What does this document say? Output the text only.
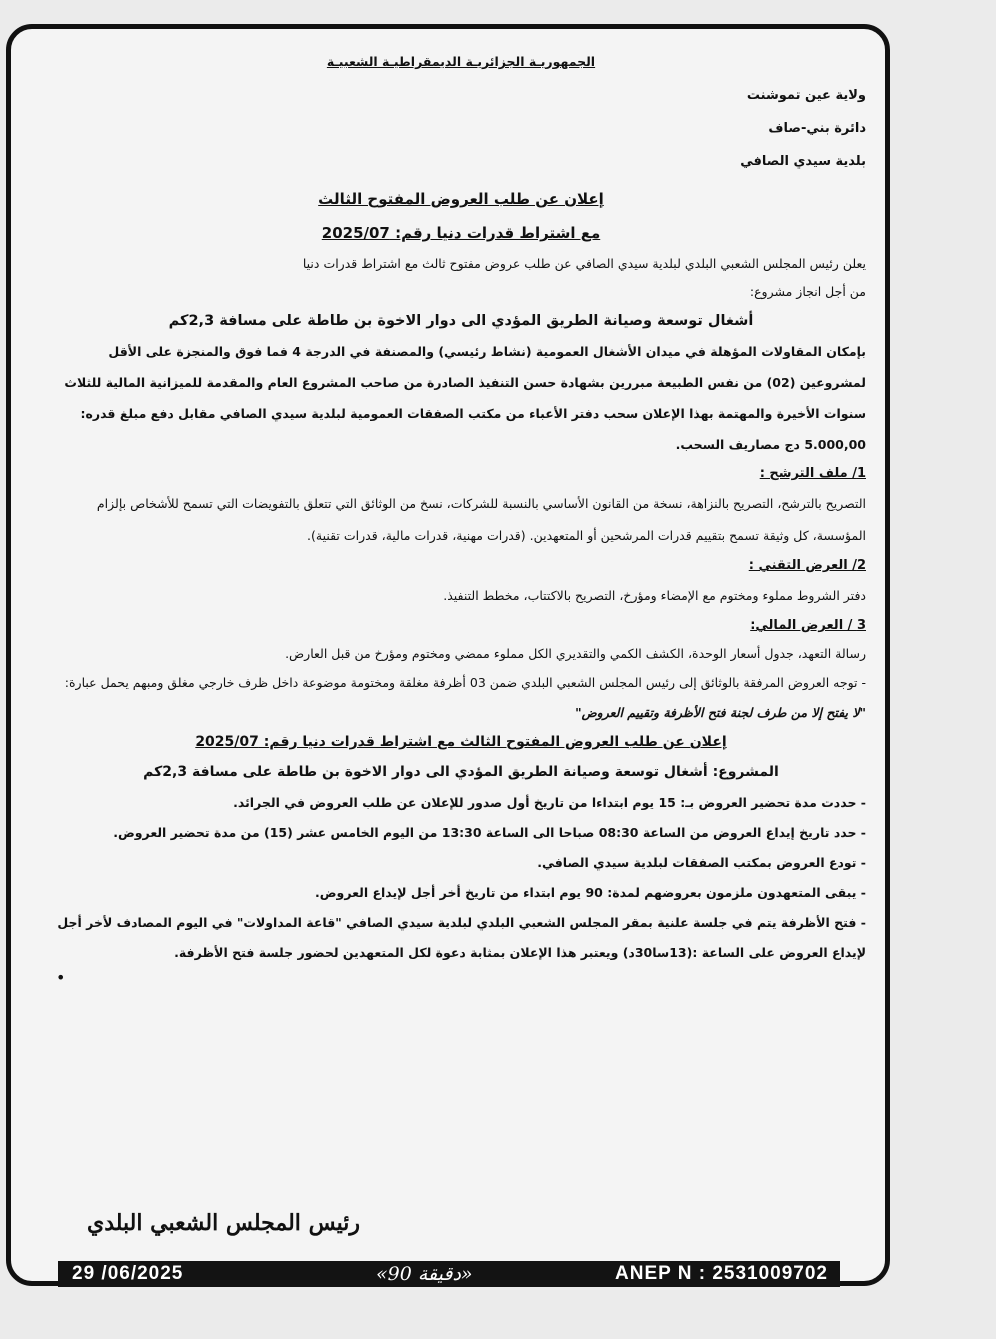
الجمهوريـة الجزائريـة الديمقراطيـة الشعبيـة
ولاية عين تموشنت
دائرة بني-صاف
بلدية سيدي الصافي
إعلان عن طلب العروض المفتوح الثالث
مع اشتراط قدرات دنيا رقم: 2025/07
يعلن رئيس المجلس الشعبي البلدي لبلدية سيدي الصافي عن طلب عروض مفتوح ثالث مع اشتراط قدرات دنيا
من أجل انجاز مشروع:
أشغال توسعة وصيانة الطريق المؤدي الى دوار الاخوة بن طاطة على مسافة 2,3كم
بإمكان المقاولات المؤهلة في ميدان الأشغال العمومية (نشاط رئيسي) والمصنفة في الدرجة 4 فما فوق والمنجزة على الأقل لمشروعين (02) من نفس الطبيعة مبررين بشهادة حسن التنفيذ الصادرة من صاحب المشروع العام والمقدمة للميزانية المالية للثلاث سنوات الأخيرة والمهتمة بهذا الإعلان سحب دفتر الأعباء من مكتب الصفقات العمومية لبلدية سيدي الصافي مقابل دفع مبلغ قدره: 5.000,00 دج مصاريف السحب.
1/ ملف الترشح :
التصريح بالترشح، التصريح بالنزاهة، نسخة من القانون الأساسي بالنسبة للشركات، نسخ من الوثائق التي تتعلق بالتفويضات التي تسمح للأشخاص بإلزام المؤسسة، كل وثيقة تسمح بتقييم قدرات المرشحين أو المتعهدين. (قدرات مهنية، قدرات مالية، قدرات تقنية).
2/ العرض التقني :
دفتر الشروط مملوء ومختوم مع الإمضاء ومؤرخ، التصريح بالاكتتاب، مخطط التنفيذ.
3 / العرض المالي:
رسالة التعهد، جدول أسعار الوحدة، الكشف الكمي والتقديري الكل مملوء ممضي ومختوم ومؤرخ من قبل العارض.
- توجه العروض المرفقة بالوثائق إلى رئيس المجلس الشعبي البلدي ضمن 03 أظرفة مغلقة ومختومة موضوعة داخل ظرف خارجي مغلق ومبهم يحمل عبارة: "لا يفتح إلا من طرف لجنة فتح الأظرفة وتقييم العروض"
إعلان عن طلب العروض المفتوح الثالث مع اشتراط قدرات دنيا رقم: 2025/07
المشروع: أشغال توسعة وصيانة الطريق المؤدي الى دوار الاخوة بن طاطة على مسافة 2,3كم
- حددت مدة تحضير العروض بـ: 15 يوم ابتداءا من تاريخ أول صدور للإعلان عن طلب العروض في الجرائد.
- حدد تاريخ إيداع العروض من الساعة 08:30 صباحا الى الساعة 13:30 من اليوم الخامس عشر (15) من مدة تحضير العروض.
- تودع العروض بمكتب الصفقات لبلدية سيدي الصافي.
- يبقى المتعهدون ملزمون بعروضهم لمدة: 90 يوم ابتداء من تاريخ أخر أجل لإيداع العروض.
- فتح الأظرفة يتم في جلسة علنية بمقر المجلس الشعبي البلدي لبلدية سيدي الصافي "قاعة المداولات" في اليوم المصادف لأخر أجل لإيداع العروض على الساعة :(13سا30د) ويعتبر هذا الإعلان بمثابة دعوة لكل المتعهدين لحضور جلسة فتح الأظرفة.
•
رئيس المجلس الشعبي البلدي
29 /06/2025	«90 دقيقة»	ANEP N : 2531009702
